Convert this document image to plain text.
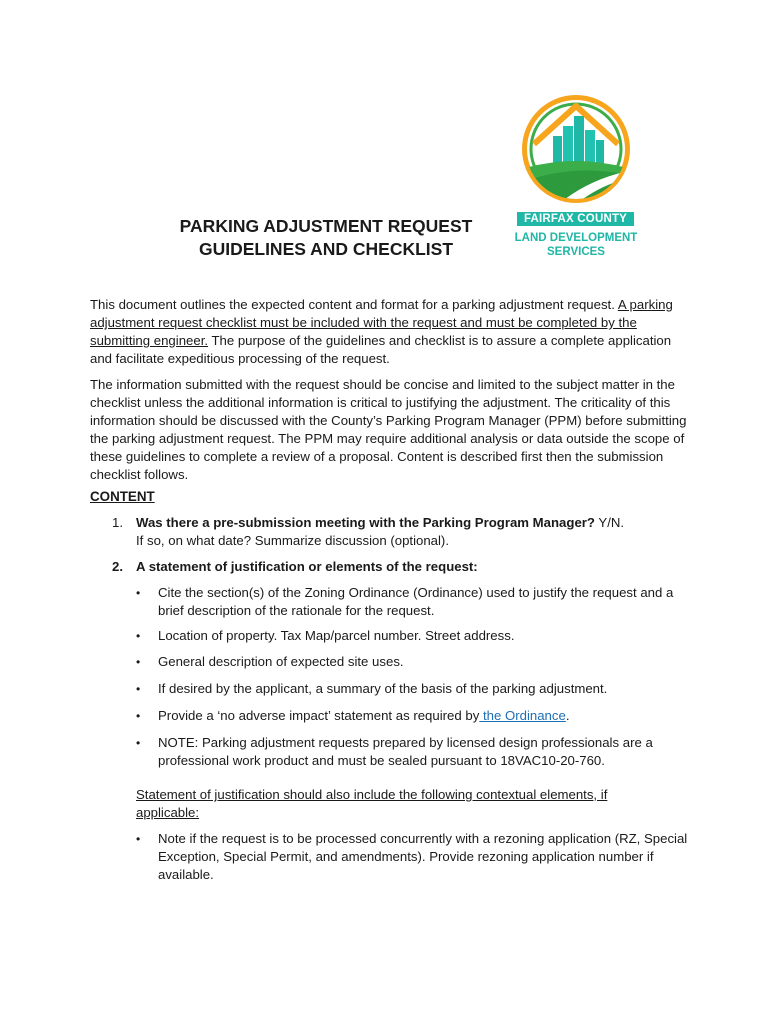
FAIRFAX COUNTY
LAND DEVELOPMENT
SERVICES
PARKING ADJUSTMENT REQUEST
GUIDELINES AND CHECKLIST
This document outlines the expected content and format for a parking adjustment request. A parking adjustment request checklist must be included with the request and must be completed by the submitting engineer. The purpose of the guidelines and checklist is to assure a complete application and facilitate expeditious processing of the request.
The information submitted with the request should be concise and limited to the subject matter in the checklist unless the additional information is critical to justifying the adjustment. The criticality of this information should be discussed with the County’s Parking Program Manager (PPM) before submitting the parking adjustment request. The PPM may require additional analysis or data outside the scope of these guidelines to complete a review of a proposal. Content is described first then the submission checklist follows.
CONTENT
1. Was there a pre-submission meeting with the Parking Program Manager? Y/N.
If so, on what date? Summarize discussion (optional).
2. A statement of justification or elements of the request:
• Cite the section(s) of the Zoning Ordinance (Ordinance) used to justify the request and a brief description of the rationale for the request.
• Location of property. Tax Map/parcel number. Street address.
• General description of expected site uses.
• If desired by the applicant, a summary of the basis of the parking adjustment.
• Provide a ‘no adverse impact’ statement as required by the Ordinance.
• NOTE: Parking adjustment requests prepared by licensed design professionals are a professional work product and must be sealed pursuant to 18VAC10-20-760.
Statement of justification should also include the following contextual elements, if applicable:
• Note if the request is to be processed concurrently with a rezoning application (RZ, Special Exception, Special Permit, and amendments). Provide rezoning application number if available.
